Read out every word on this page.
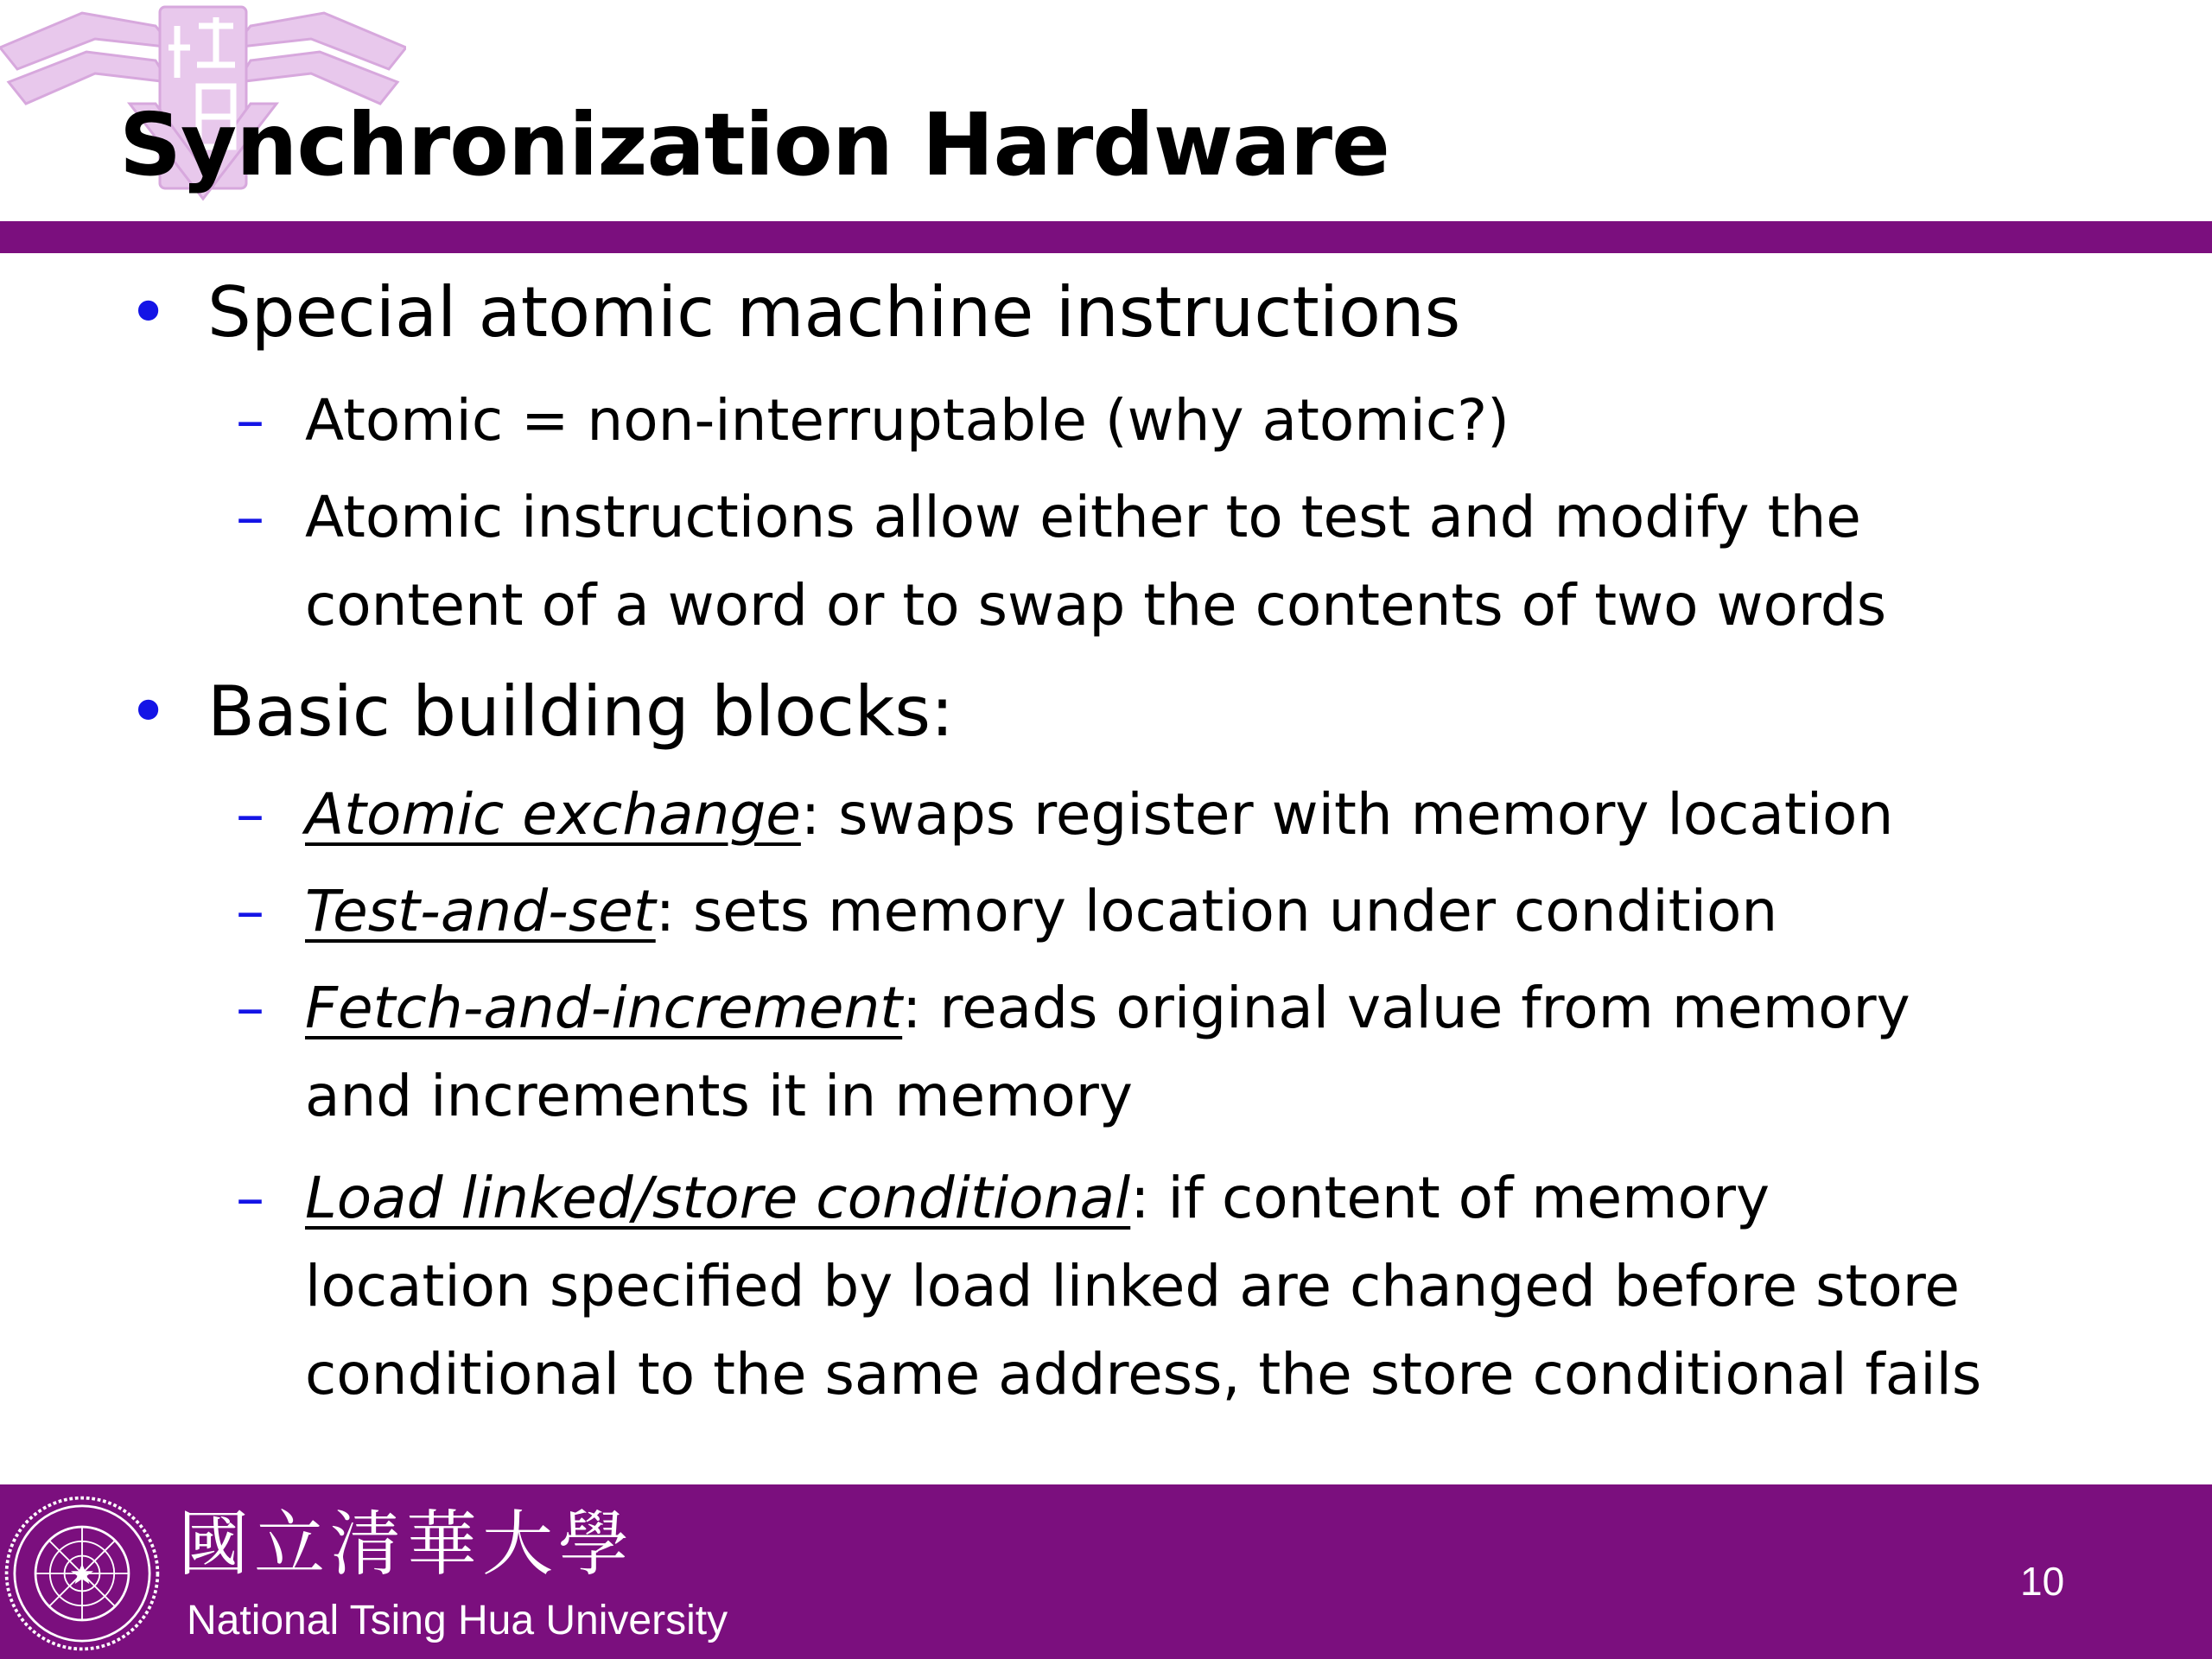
Synchronization Hardware
• Special atomic machine instructions
– Atomic = non-interruptable (why atomic?)
– Atomic instructions allow either to test and modify the
content of a word or to swap the contents of two words
• Basic building blocks:
– Atomic exchange: swaps register with memory location
– Test-and-set: sets memory location under condition
– Fetch-and-increment: reads original value from memory
and increments it in memory
– Load linked/store conditional: if content of memory
location specified by load linked are changed before store
conditional to the same address, the store conditional fails
國立清華大學
National Tsing Hua University
10
